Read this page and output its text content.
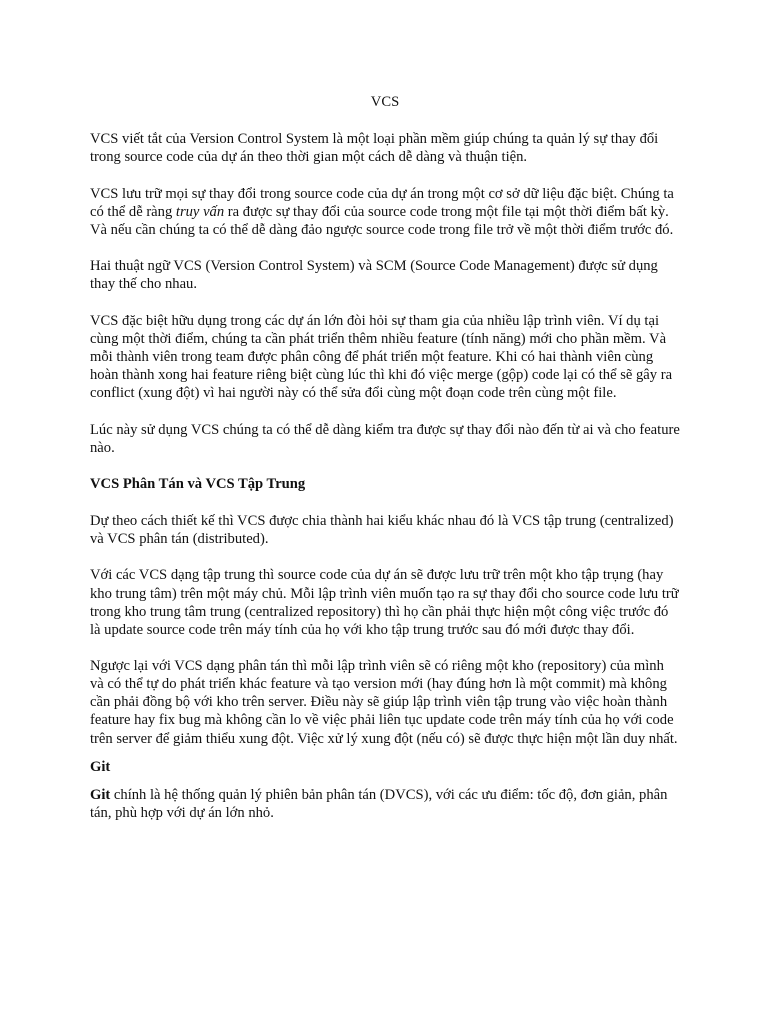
VCS

VCS viết tắt của Version Control System là một loại phần mềm giúp chúng ta quản lý sự thay đổi trong source code của dự án theo thời gian một cách dễ dàng và thuận tiện.

VCS lưu trữ mọi sự thay đổi trong source code của dự án trong một cơ sở dữ liệu đặc biệt. Chúng ta có thể dễ ràng truy vấn ra được sự thay đổi của source code trong một file tại một thời điểm bất kỳ. Và nếu cần chúng ta có thể dễ dàng đảo ngược source code trong file trở về một thời điểm trước đó.

Hai thuật ngữ VCS (Version Control System) và SCM (Source Code Management) được sử dụng thay thế cho nhau.

VCS đặc biệt hữu dụng trong các dự án lớn đòi hỏi sự tham gia của nhiều lập trình viên. Ví dụ tại cùng một thời điểm, chúng ta cần phát triển thêm nhiều feature (tính năng) mới cho phần mềm. Và mỗi thành viên trong team được phân công để phát triển một feature. Khi có hai thành viên cùng hoàn thành xong hai feature riêng biệt cùng lúc thì khi đó việc merge (gộp) code lại có thể sẽ gây ra conflict (xung đột) vì hai người này có thể sửa đổi cùng một đoạn code trên cùng một file.

Lúc này sử dụng VCS chúng ta có thể dễ dàng kiểm tra được sự thay đổi nào đến từ ai và cho feature nào.

VCS Phân Tán và VCS Tập Trung

Dự theo cách thiết kế thì VCS được chia thành hai kiểu khác nhau đó là VCS tập trung (centralized) và VCS phân tán (distributed).

Với các VCS dạng tập trung thì source code của dự án sẽ được lưu trữ trên một kho tập trụng (hay kho trung tâm) trên một máy chủ. Mỗi lập trình viên muốn tạo ra sự thay đổi cho source code lưu trữ trong kho trung tâm trung (centralized repository) thì họ cần phải thực hiện một công việc trước đó là update source code trên máy tính của họ với kho tập trung trước sau đó mới được thay đổi.

Ngược lại với VCS dạng phân tán thì mỗi lập trình viên sẽ có riêng một kho (repository) của mình và có thể tự do phát triển khác feature và tạo version mới (hay đúng hơn là một commit) mà không cần phải đồng bộ với kho trên server. Điều này sẽ giúp lập trình viên tập trung vào việc hoàn thành feature hay fix bug mà không cần lo về việc phải liên tục update code trên máy tính của họ với code trên server để giảm thiểu xung đột. Việc xử lý xung đột (nếu có) sẽ được thực hiện một lần duy nhất.

Git

Git chính là hệ thống quản lý phiên bản phân tán (DVCS), với các ưu điểm: tốc độ, đơn giản, phân tán, phù hợp với dự án lớn nhỏ.
